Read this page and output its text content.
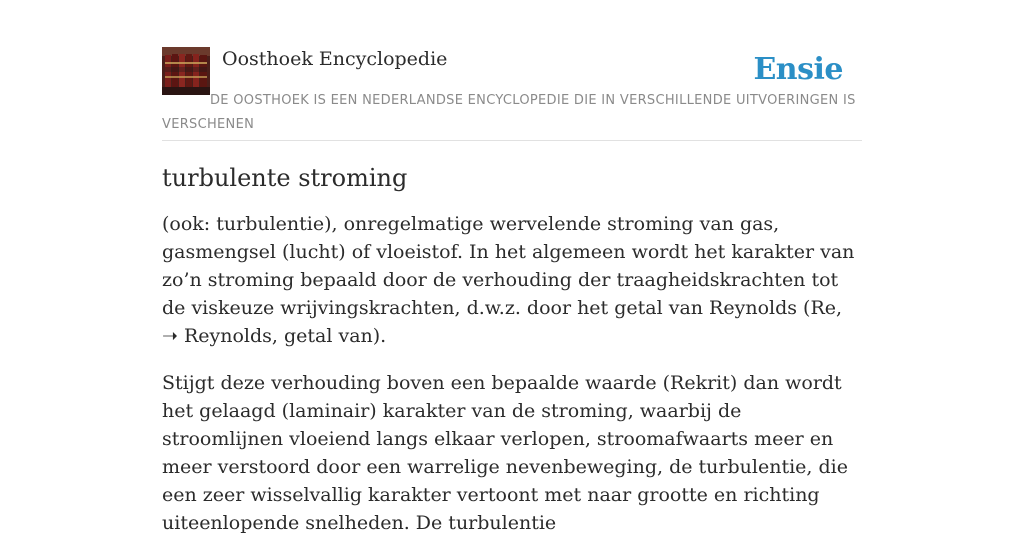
Oosthoek Encyclopedie	Ensie
DE OOSTHOEK IS EEN NEDERLANDSE ENCYCLOPEDIE DIE IN VERSCHILLENDE UITVOERINGEN IS VERSCHENEN
turbulente stroming

(ook: turbulentie), onregelmatige wervelende stroming van gas, gasmengsel (lucht) of vloeistof. In het algemeen wordt het karakter van zo’n stroming bepaald door de verhouding der traagheidskrachten tot de viskeuze wrijvingskrachten, d.w.z. door het getal van Reynolds (Re, ➝ Reynolds, getal van).

Stijgt deze verhouding boven een bepaalde waarde (Rekrit) dan wordt het gelaagd (laminair) karakter van de stroming, waarbij de stroomlijnen vloeiend langs elkaar verlopen, stroomafwaarts meer en meer verstoord door een warrelige nevenbeweging, de turbulentie, die een zeer wisselvallig karakter vertoont met naar grootte en richting uiteenlopende snelheden. De turbulentie
